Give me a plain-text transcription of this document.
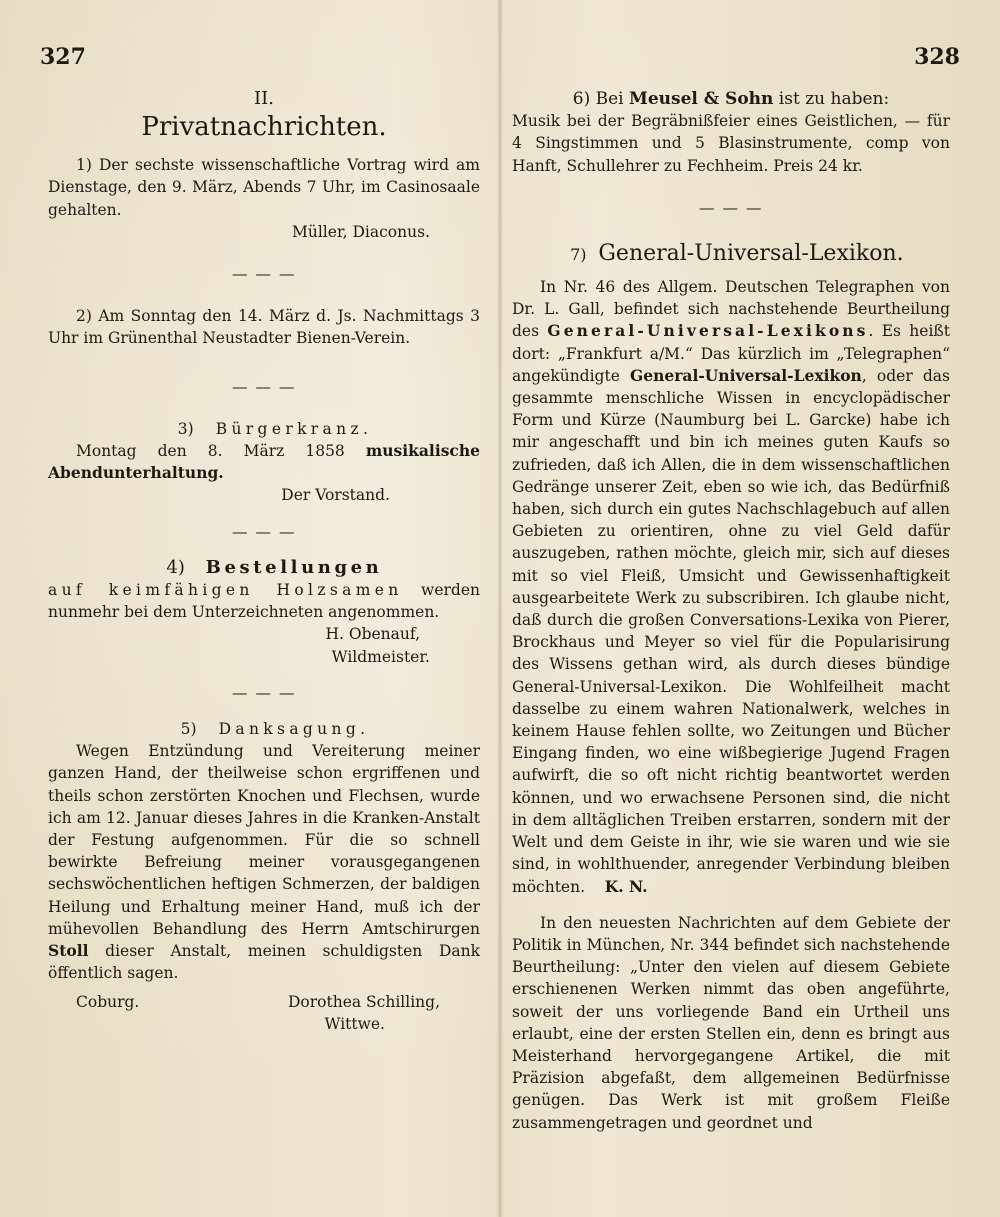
327	328
II.
Privatnachrichten.

1) Der sechste wissenschaftliche Vortrag wird am Dienstage, den 9. März, Abends 7 Uhr, im Casinosaale gehalten.

Müller, Diaconus.

— — —

2) Am Sonntag den 14. März d. Js. Nachmittags 3 Uhr im Grünenthal Neustadter Bienen-Verein.

— — —

3) Bürgerkranz.

Montag den 8. März 1858 musikalische Abendunterhaltung.

Der Vorstand.

— — —

4) Bestellungen

auf keimfähigen Holzsamen werden nunmehr bei dem Unterzeichneten angenommen.

H. Obenauf,

Wildmeister.

— — —

5) Danksagung.

Wegen Entzündung und Vereiterung meiner ganzen Hand, der theilweise schon ergriffenen und theils schon zerstörten Knochen und Flechsen, wurde ich am 12. Januar dieses Jahres in die Kranken-Anstalt der Festung aufgenommen. Für die so schnell bewirkte Befreiung meiner vorausgegangenen sechswöchentlichen heftigen Schmerzen, der baldigen Heilung und Erhaltung meiner Hand, muß ich der mühevollen Behandlung des Herrn Amtschirurgen Stoll dieser Anstalt, meinen schuldigsten Dank öffentlich sagen.

Coburg.	Dorothea Schilling,

Wittwe.

6) Bei Meusel & Sohn ist zu haben:

Musik bei der Begräbnißfeier eines Geistlichen, — für 4 Singstimmen und 5 Blasinstrumente, comp von Hanft, Schullehrer zu Fechheim. Preis 24 kr.

— — —

7) General-Universal-Lexikon.

In Nr. 46 des Allgem. Deutschen Telegraphen von Dr. L. Gall, befindet sich nachstehende Beurtheilung des General-Universal-Lexikons. Es heißt dort: „Frankfurt a/M.“ Das kürzlich im „Telegraphen“ angekündigte General-Universal-Lexikon, oder das gesammte menschliche Wissen in encyclopädischer Form und Kürze (Naumburg bei L. Garcke) habe ich mir angeschafft und bin ich meines guten Kaufs so zufrieden, daß ich Allen, die in dem wissenschaftlichen Gedränge unserer Zeit, eben so wie ich, das Bedürfniß haben, sich durch ein gutes Nachschlagebuch auf allen Gebieten zu orientiren, ohne zu viel Geld dafür auszugeben, rathen möchte, gleich mir, sich auf dieses mit so viel Fleiß, Umsicht und Gewissenhaftigkeit ausgearbeitete Werk zu subscribiren. Ich glaube nicht, daß durch die großen Conversations-Lexika von Pierer, Brockhaus und Meyer so viel für die Popularisirung des Wissens gethan wird, als durch dieses bündige General-Universal-Lexikon. Die Wohlfeilheit macht dasselbe zu einem wahren Nationalwerk, welches in keinem Hause fehlen sollte, wo Zeitungen und Bücher Eingang finden, wo eine wißbegierige Jugend Fragen aufwirft, die so oft nicht richtig beantwortet werden können, und wo erwachsene Personen sind, die nicht in dem alltäglichen Treiben erstarren, sondern mit der Welt und dem Geiste in ihr, wie sie waren und wie sie sind, in wohlthuender, anregender Verbindung bleiben möchten. K. N.

In den neuesten Nachrichten auf dem Gebiete der Politik in München, Nr. 344 befindet sich nachstehende Beurtheilung: „Unter den vielen auf diesem Gebiete erschienenen Werken nimmt das oben angeführte, soweit der uns vorliegende Band ein Urtheil uns erlaubt, eine der ersten Stellen ein, denn es bringt aus Meisterhand hervorgegangene Artikel, die mit Präzision abgefaßt, dem allgemeinen Bedürfnisse genügen. Das Werk ist mit großem Fleiße zusammengetragen und geordnet und
